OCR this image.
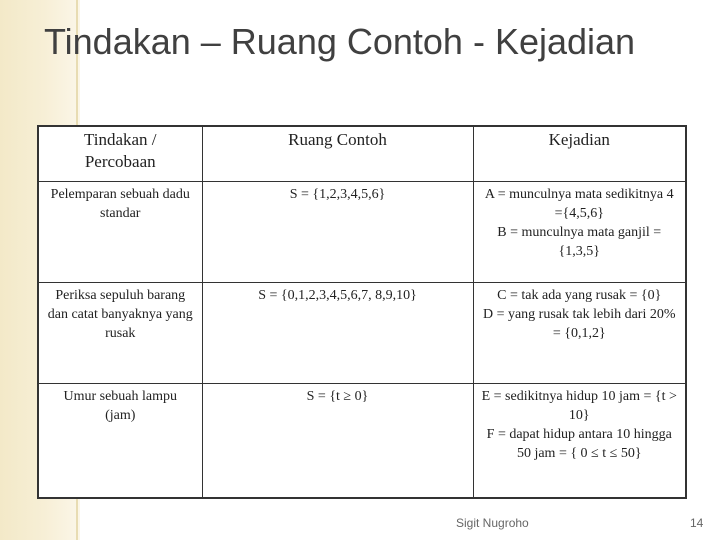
Tindakan – Ruang Contoh - Kejadian
Tindakan / Percobaan	Ruang Contoh	Kejadian
Pelemparan sebuah dadu standar	S = {1,2,3,4,5,6}	A = munculnya mata sedikitnya 4 ={4,5,6}
B = munculnya mata ganjil = {1,3,5}

Periksa sepuluh barang dan catat banyaknya yang rusak	S = {0,1,2,3,4,5,6,7, 8,9,10}	C = tak ada yang rusak = {0}
D = yang rusak tak lebih dari 20% = {0,1,2}

Umur sebuah lampu (jam)	S = {t ≥ 0}	E = sedikitnya hidup 10 jam = {t > 10}
F = dapat hidup antara 10 hingga 50 jam = { 0 ≤ t ≤ 50}
Sigit Nugroho	14
